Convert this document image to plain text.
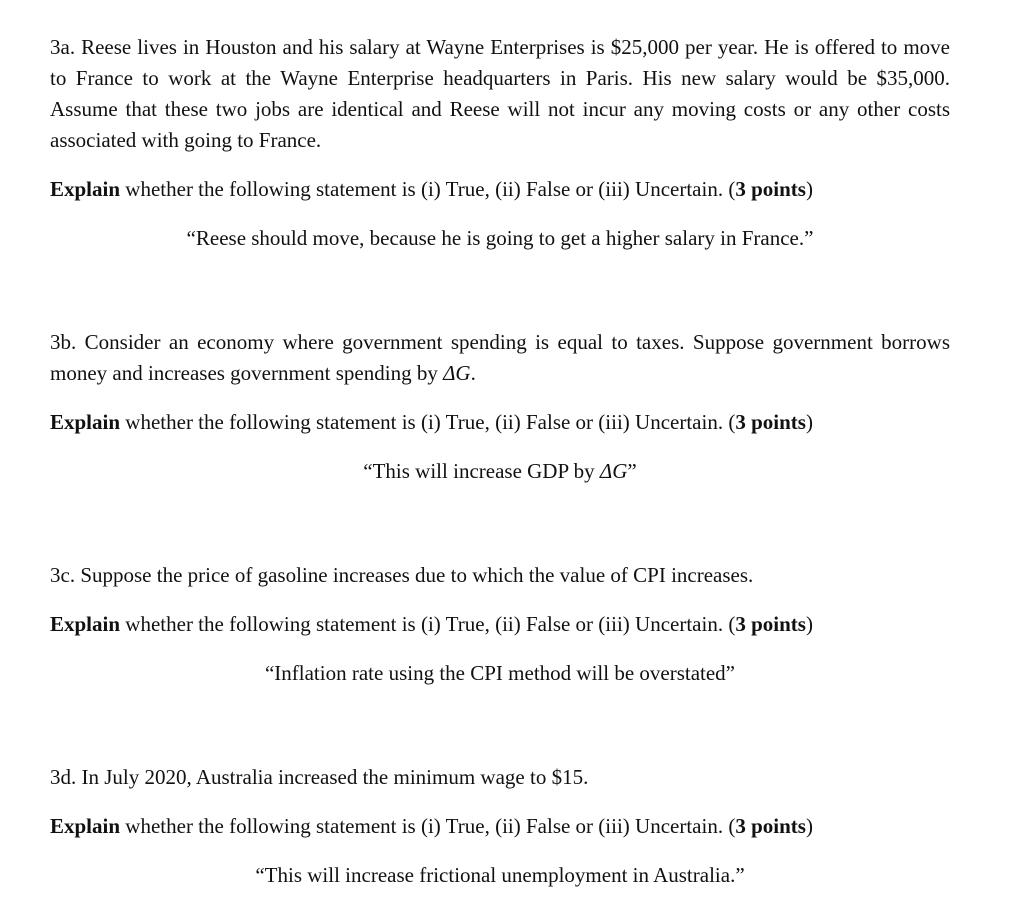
3a. Reese lives in Houston and his salary at Wayne Enterprises is $25,000 per year. He is offered to move to France to work at the Wayne Enterprise headquarters in Paris. His new salary would be $35,000. Assume that these two jobs are identical and Reese will not incur any moving costs or any other costs associated with going to France.

Explain whether the following statement is (i) True, (ii) False or (iii) Uncertain. (3 points)

“Reese should move, because he is going to get a higher salary in France.”

3b. Consider an economy where government spending is equal to taxes. Suppose government borrows money and increases government spending by ΔG.

Explain whether the following statement is (i) True, (ii) False or (iii) Uncertain. (3 points)

“This will increase GDP by ΔG”

3c. Suppose the price of gasoline increases due to which the value of CPI increases.

Explain whether the following statement is (i) True, (ii) False or (iii) Uncertain. (3 points)

“Inflation rate using the CPI method will be overstated”

3d. In July 2020, Australia increased the minimum wage to $15.

Explain whether the following statement is (i) True, (ii) False or (iii) Uncertain. (3 points)

“This will increase frictional unemployment in Australia.”
